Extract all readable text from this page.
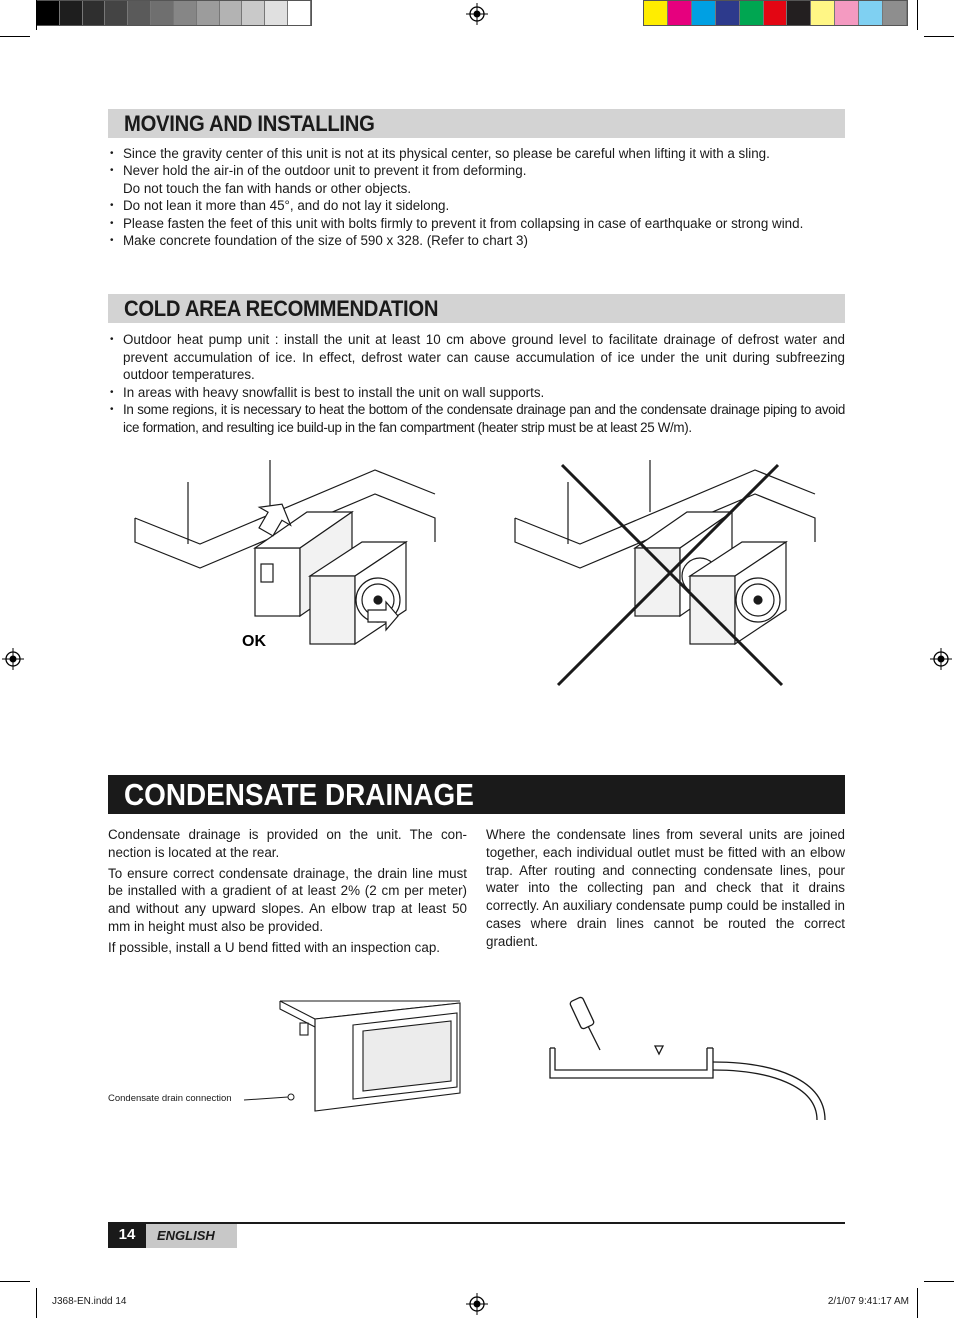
MOVING AND INSTALLING
• Since the gravity center of this unit is not at its physical center, so please be careful when lifting it with a sling.
• Never hold the air-in of the outdoor unit to prevent it from deforming.
Do not touch the fan with hands or other objects.
• Do not lean it more than 45°, and do not lay it sidelong.
• Please fasten the feet of this unit with bolts firmly to prevent it from collapsing in case of earthquake or strong wind.
• Make concrete foundation of the size of 590 x 328. (Refer to chart 3)
COLD AREA RECOMMENDATION
• Outdoor heat pump unit : install the unit at least 10 cm above ground level to facilitate drainage of defrost water and prevent accumulation of ice. In effect, defrost water can cause accumulation of ice under the unit during subfreezing outdoor temperatures.
• In areas with heavy snowfallit is best to install the unit on wall supports.
• In some regions, it is necessary to heat the bottom of the condensate drainage pan and the condensate drainage piping to avoid ice formation, and resulting ice build-up in the fan compartment (heater strip must be at least 25 W/m).
OK
CONDENSATE DRAINAGE

Condensate drainage is provided on the unit. The con-nection is located at the rear.

To ensure correct condensate drainage, the drain line must be installed with a gradient of at least 2% (2 cm per meter) and without any upward slopes. An elbow trap at least 50 mm in height must also be provided.

If possible, install a U bend fitted with an inspection cap.

Where the condensate lines from several units are joined together, each individual outlet must be fitted with an elbow trap. After routing and connecting condensate lines, pour water into the collecting pan and check that it drains correctly. An auxiliary condensate pump could be installed in cases where drain lines cannot be routed the correct gradient.

Condensate drain connection
14	ENGLISH
J368-EN.indd 14	2/1/07 9:41:17 AM
